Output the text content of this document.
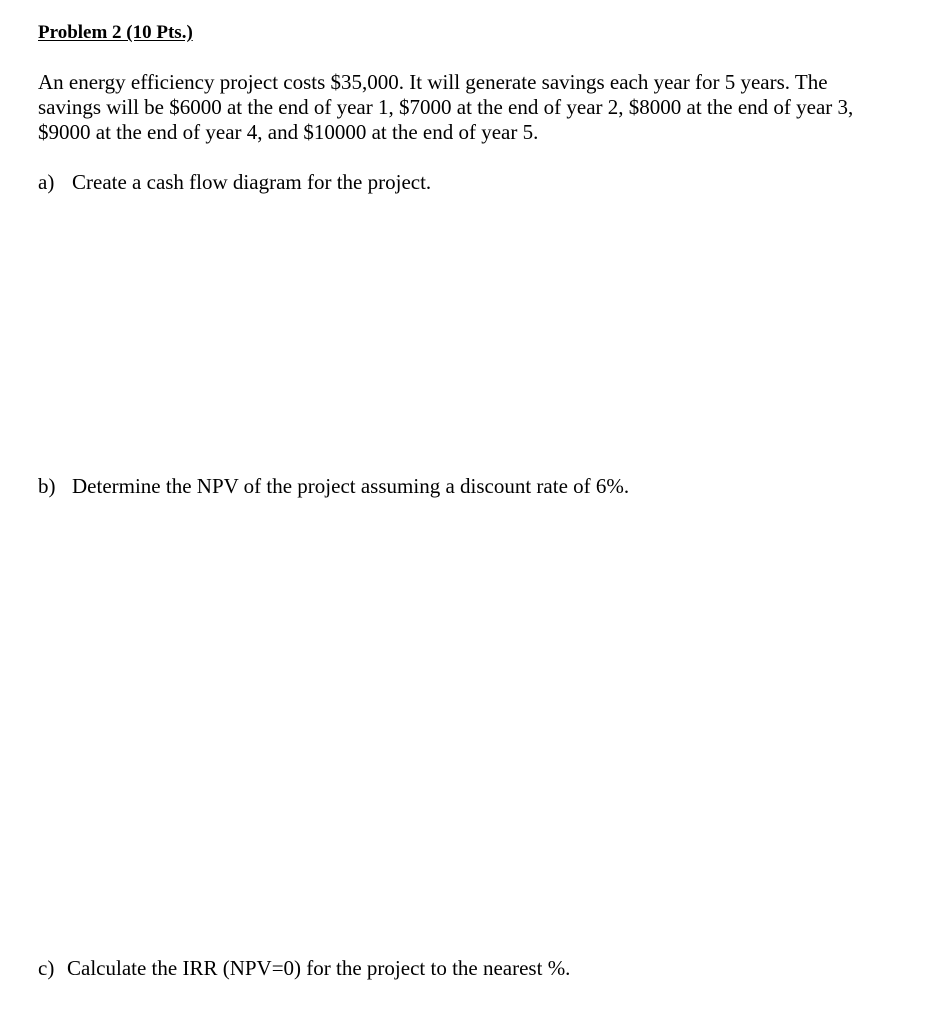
Problem 2 (10 Pts.)

An energy efficiency project costs $35,000. It will generate savings each year for 5 years. The
savings will be $6000 at the end of year 1, $7000 at the end of year 2, $8000 at the end of year 3,
$9000 at the end of year 4, and $10000 at the end of year 5.

a) Create a cash flow diagram for the project.

b) Determine the NPV of the project assuming a discount rate of 6%.

c) Calculate the IRR (NPV=0) for the project to the nearest %.
